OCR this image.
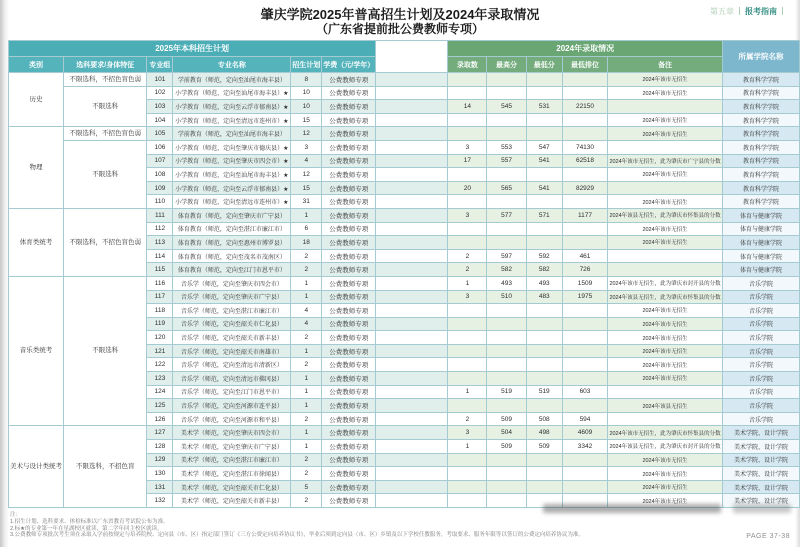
第五章 报考指南
肇庆学院2025年普高招生计划及2024年录取情况
（广东省提前批公费教师专项）
2025年本科招生计划							2024年录取情况					所属学院名称
类别	选科要求/身体特征	专业组	专业名称	招生计划	学费（元/学年）		录取数	最高分	最低分	最低排位	备注	
历史	不限选科，不招色盲色弱	101	学前教育（师范，定向至汕尾市海丰县）	8	公费教师专项						2024年该市无招生	教育科学学院
	不限选科	102	小学教育（师范，定向至汕尾市海丰县）★	10	公费教师专项						2024年该市无招生	教育科学学院
		103	小学教育（师范，定向至云浮市郁南县）★	10	公费教师专项		14	545	531	22150		教育科学学院
		104	小学教育（师范，定向至清远市连州市）★	15	公费教师专项						2024年该市无招生	教育科学学院
物理	不限选科，不招色盲色弱	105	学前教育（师范，定向至汕尾市海丰县）	12	公费教师专项						2024年该市无招生	教育科学学院
	不限选科	106	小学教育（师范，定向至肇庆市德庆县）★	3	公费教师专项		3	553	547	74130		教育科学学院
		107	小学教育（师范，定向至肇庆市四会市）★	4	公费教师专项		17	557	541	62518	2024年该市无招生，此为肇庆市广宁县的分数	教育科学学院
		108	小学教育（师范，定向至汕尾市海丰县）★	12	公费教师专项						2024年该市无招生	教育科学学院
		109	小学教育（师范，定向至云浮市郁南县）★	15	公费教师专项		20	565	541	82929		教育科学学院
		110	小学教育（师范，定向至清远市连州市）★	31	公费教师专项						2024年该市无招生	教育科学学院
体育类统考	不限选科，不招色盲色弱	111	体育教育（师范，定向至肇庆市广宁县）	1	公费教师专项		3	577	571	1177	2024年该县无招生，此为肇庆市怀集县的分数	体育与健康学院
		112	体育教育（师范，定向至湛江市廉江市）	6	公费教师专项						2024年该市无招生	体育与健康学院
		113	体育教育（师范，定向至惠州市博罗县）	18	公费教师专项						2024年该市无招生	体育与健康学院
		114	体育教育（师范，定向至茂名市茂南区）	2	公费教师专项		2	597	592	461		体育与健康学院
		115	体育教育（师范，定向至江门市恩平市）	2	公费教师专项		2	582	582	726		体育与健康学院
音乐类统考	不限选科	116	音乐学（师范，定向至肇庆市四会市）	1	公费教师专项		1	493	493	1509	2024年该市无招生，此为肇庆市封开县的分数	音乐学院
		117	音乐学（师范，定向至肇庆市广宁县）	1	公费教师专项		3	510	483	1975	2024年该县无招生，此为肇庆市怀集县的分数	音乐学院
		118	音乐学（师范，定向至湛江市廉江市）	4	公费教师专项						2024年该市无招生	音乐学院
		119	音乐学（师范，定向至韶关市仁化县）	4	公费教师专项						2024年该市无招生	音乐学院
		120	音乐学（师范，定向至韶关市新丰县）	2	公费教师专项						2024年该市无招生	音乐学院
		121	音乐学（师范，定向至韶关市南雄市）	1	公费教师专项						2024年该市无招生	音乐学院
		122	音乐学（师范，定向至清远市清新区）	2	公费教师专项						2024年该市无招生	音乐学院
		123	音乐学（师范，定向至清远市佛冈县）	1	公费教师专项						2024年该市无招生	音乐学院
		124	音乐学（师范，定向至江门市恩平市）	1	公费教师专项		1	519	519	603		音乐学院
		125	音乐学（师范，定向至河源市连平县）	1	公费教师专项						2024年该县无招生	音乐学院
		126	音乐学（师范，定向至河源市和平县）	2	公费教师专项		2	509	508	594		音乐学院
美术与设计类统考	不限选科，不招色盲	127	美术学（师范，定向至肇庆市四会市）	1	公费教师专项		3	504	498	4609	2024年该市无招生，此为肇庆市怀集县的分数	美术学院、设计学院
		128	美术学（师范，定向至肇庆市广宁县）	1	公费教师专项		1	509	509	3342	2024年该县无招生，此为肇庆市封开县的分数	美术学院、设计学院
		129	美术学（师范，定向至湛江市廉江市）	2	公费教师专项						2024年该市无招生	美术学院、设计学院
		130	美术学（师范，定向至湛江市徐闻县）	2	公费教师专项						2024年该市无招生	美术学院、设计学院
		131	美术学（师范，定向至韶关市仁化县）	5	公费教师专项						2024年该市无招生	美术学院、设计学院
		132	美术学（师范，定向至韶关市新丰县）	2	公费教师专项						2024年该市无招生	美术学院、设计学院
注：
1.招生计划、选科要求、体检标准以广东省教育考试院公布为准。
2.标★的专业第一年在星湖校区就读，第二学年回主校区就读。
3.公费教师专项批次考生须在录取入学前按规定与培养院校、定向县（市、区）指定部门签订《三方公费定向培养协议书》，毕业后须到定向县（市、区）乡镇及以下学校任教服务，考取要求、服务年限等以签订的公费定向培养协议为准。	PAGE 37-38
